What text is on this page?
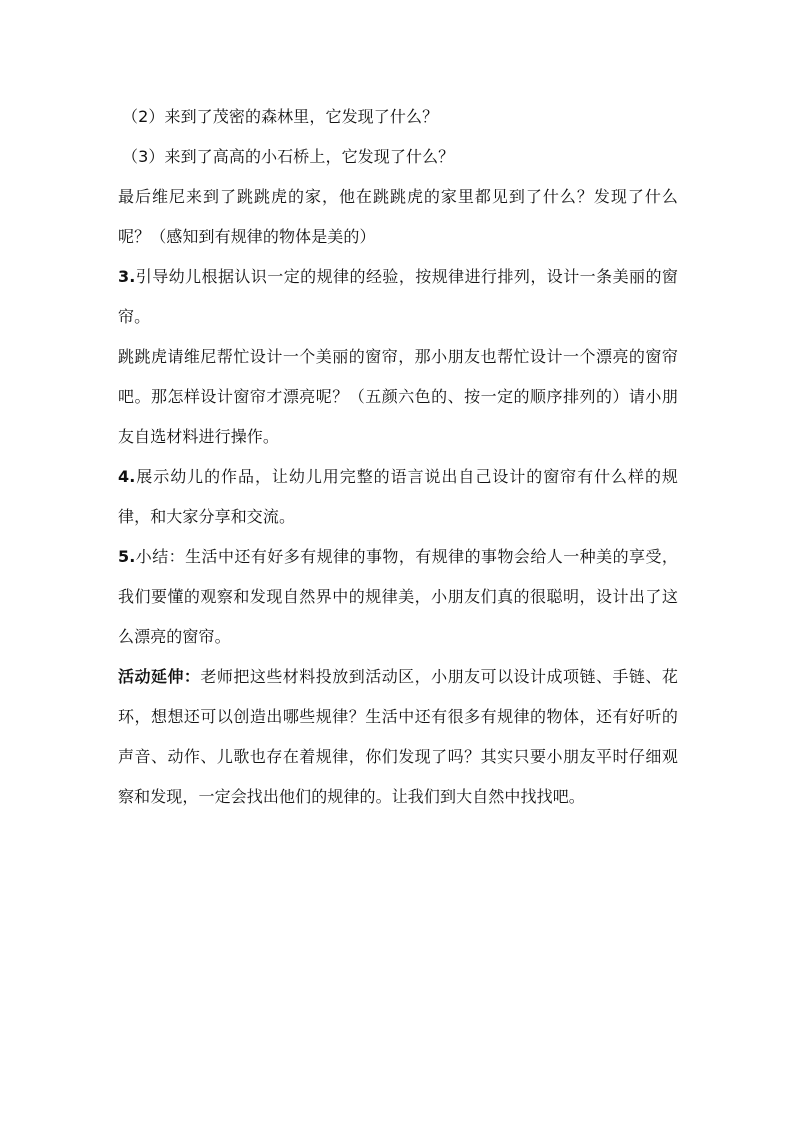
（2）来到了茂密的森林里，它发现了什么？

（3）来到了高高的小石桥上，它发现了什么？

最后维尼来到了跳跳虎的家，他在跳跳虎的家里都见到了什么？发现了什么呢？（感知到有规律的物体是美的）

3.引导幼儿根据认识一定的规律的经验，按规律进行排列，设计一条美丽的窗帘。

跳跳虎请维尼帮忙设计一个美丽的窗帘，那小朋友也帮忙设计一个漂亮的窗帘吧。那怎样设计窗帘才漂亮呢？（五颜六色的、按一定的顺序排列的）请小朋友自选材料进行操作。

4.展示幼儿的作品，让幼儿用完整的语言说出自己设计的窗帘有什么样的规律，和大家分享和交流。

5.小结：生活中还有好多有规律的事物，有规律的事物会给人一种美的享受，我们要懂的观察和发现自然界中的规律美，小朋友们真的很聪明，设计出了这么漂亮的窗帘。

活动延伸：老师把这些材料投放到活动区，小朋友可以设计成项链、手链、花环，想想还可以创造出哪些规律？生活中还有很多有规律的物体，还有好听的声音、动作、儿歌也存在着规律，你们发现了吗？其实只要小朋友平时仔细观察和发现，一定会找出他们的规律的。让我们到大自然中找找吧。
